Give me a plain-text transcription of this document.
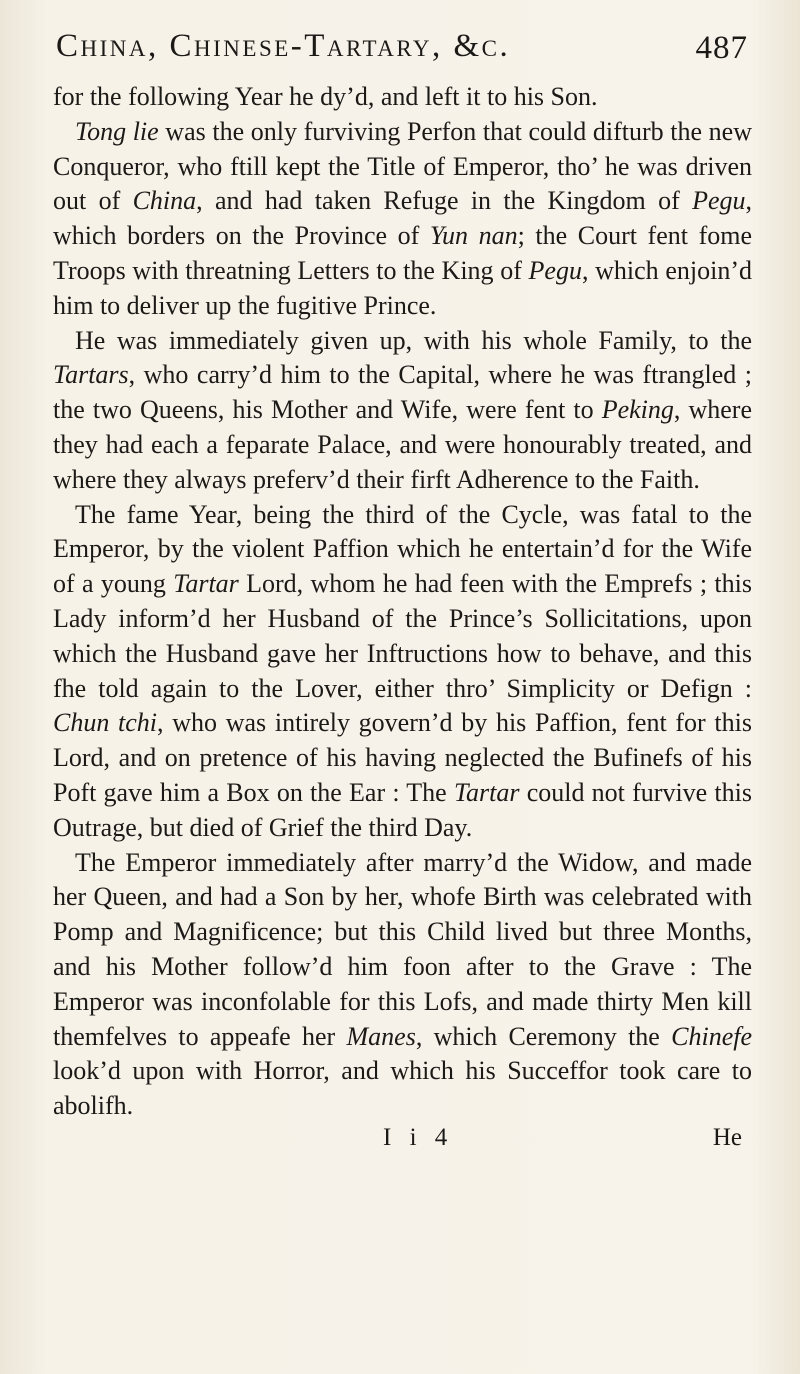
China, Chinese-Tartary, &c.	487

for the following Year he dy’d, and left it to his Son.

Tong lie was the only furviving Perfon that could difturb the new Conqueror, who ftill kept the Title of Emperor, tho’ he was driven out of China, and had taken Refuge in the Kingdom of Pegu, which borders on the Province of Yun nan; the Court fent fome Troops with threatning Letters to the King of Pegu, which enjoin’d him to deliver up the fugitive Prince.

He was immediately given up, with his whole Family, to the Tartars, who carry’d him to the Capital, where he was ftrangled ; the two Queens, his Mother and Wife, were fent to Peking, where they had each a feparate Palace, and were honourably treated, and where they always preferv’d their firft Adherence to the Faith.

The fame Year, being the third of the Cycle, was fatal to the Emperor, by the violent Paffion which he entertain’d for the Wife of a young Tartar Lord, whom he had feen with the Emprefs ; this Lady inform’d her Husband of the Prince’s Sollicitations, upon which the Husband gave her Inftructions how to behave, and this fhe told again to the Lover, either thro’ Simplicity or Defign : Chun tchi, who was intirely govern’d by his Paffion, fent for this Lord, and on pretence of his having neglected the Bufinefs of his Poft gave him a Box on the Ear : The Tartar could not furvive this Outrage, but died of Grief the third Day.

The Emperor immediately after marry’d the Widow, and made her Queen, and had a Son by her, whofe Birth was celebrated with Pomp and Magnificence; but this Child lived but three Months, and his Mother follow’d him foon after to the Grave : The Emperor was inconfolable for this Lofs, and made thirty Men kill themfelves to appeafe her Manes, which Ceremony the Chinefe look’d upon with Horror, and which his Succeffor took care to abolifh.

I i 4	He
